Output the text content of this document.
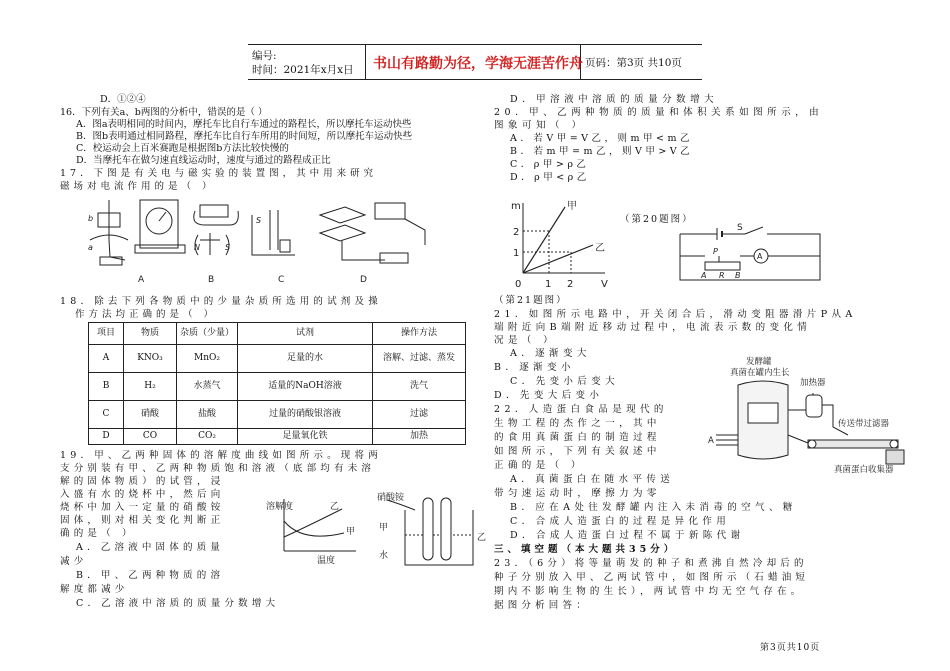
编号:
时间：2021年x月x日 书山有路勤为径，学海无涯苦作舟 页码：第3页 共10页
D．①②④
16．下列有关a、b两图的分析中，错误的是（ ）
A．图a表明相同的时间内，摩托车比自行车通过的路程长，所以摩托车运动快些
B．图b表明通过相同路程，摩托车比自行车所用的时间短，所以摩托车运动快些
C．校运动会上百米赛跑是根据图b方法比较快慢的
D．当摩托车在做匀速直线运动时，速度与通过的路程成正比
17．下图是有关电与磁实验的装置图，其中用来研究
磁场对电流作用的是（ ）
b
a	N	S
S
A	B	C	D
18．除去下列各物质中的少量杂质所选用的试剂及操
作方法均正确的是（ ）
项目	物质	杂质（少量）	试剂	操作方法
A	KNO₃	MnO₂	足量的水	溶解、过滤、蒸发
B	H₂	水蒸气	适量的NaOH溶液	洗气
C	硝酸	盐酸	过量的硝酸银溶液	过滤
D	CO	CO₂	足量氧化铁	加热
19．甲、乙两种固体的溶解度曲线如图所示。现将两
支分别装有甲、乙两种物质饱和溶液（底部均有未溶
解的固体物质）的试管，浸
入盛有水的烧杯中，然后向
烧杯中加入一定量的硝酸铵
固体，则对相关变化判断正
确的是（ ）
A．乙溶液中固体的质量
减少
B．甲、乙两种物质的溶
解度都减少
C．乙溶液中溶质的质量分数增大
溶解度
温度
乙
甲
硝酸铵
甲
乙
水
D．甲溶液中溶质的质量分数增大
20．甲、乙两种物质的质量和体积关系如图所示，由
图象可知（ ）
A．若V甲=V乙，则m甲<m乙
B．若m甲=m乙，则V甲>V乙
C．ρ甲>ρ乙
D．ρ甲<ρ乙
m
V
甲
乙
2
1
0 1 2
（第20题图）
A
S
P
A R B
（第21题图）
21．如图所示电路中，开关闭合后，滑动变阻器滑片P从A
端附近向B端附近移动过程中，电流表示数的变化情
况是（ ）
A．逐渐变大
B．逐渐变小
C．先变小后变大
D．先变大后变小
22．人造蛋白食品是现代的
生物工程的杰作之一，其中
的食用真菌蛋白的制造过程
如图所示，下列有关叙述中
正确的是（ ）
A．真菌蛋白在随水平传送
带匀速运动时，摩擦力为零
B．应在A处往发酵罐内注入未消毒的空气、糖
C．合成人造蛋白的过程是异化作用
D．合成人造蛋白过程不属于新陈代谢
三、填空题（本大题共35分）
23．（6分）将等量萌发的种子和煮沸自然冷却后的
种子分别放入甲、乙两试管中，如图所示（石蜡油短
期内不影响生物的生长），两试管中均无空气存在。
据图分析回答：
发酵罐
真菌在罐内生长
加热器
传送带过滤器
真菌蛋白收集器
A
第3页共10页
